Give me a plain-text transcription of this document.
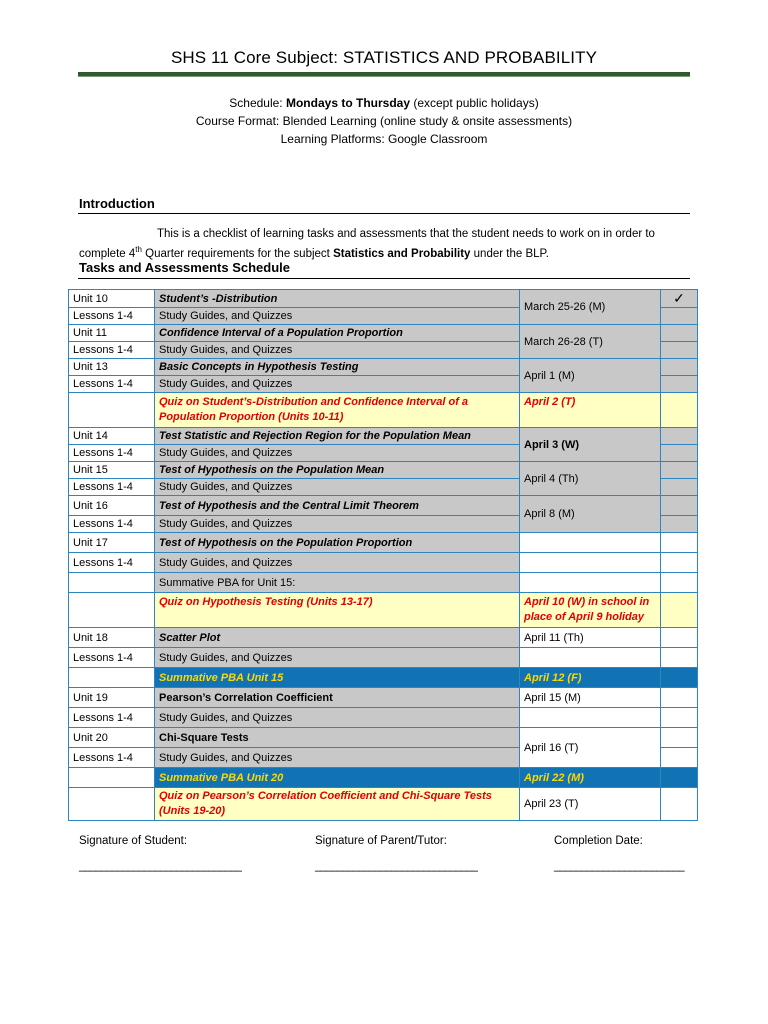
SHS 11 Core Subject: STATISTICS AND PROBABILITY
Schedule: Mondays to Thursday (except public holidays)
Course Format: Blended Learning (online study & onsite assessments)
Learning Platforms: Google Classroom
Introduction

This is a checklist of learning tasks and assessments that the student needs to work on in order to complete 4th Quarter requirements for the subject Statistics and Probability under the BLP.

Tasks and Assessments Schedule
Unit 10	Student’s -Distribution	March 25-26 (M)	✓
Lessons 1-4	Study Guides, and Quizzes		
Unit 11	Confidence Interval of a Population Proportion	March 26-28 (T)	
Lessons 1-4	Study Guides, and Quizzes		
Unit 13	Basic Concepts in Hypothesis Testing	April 1 (M)	
Lessons 1-4	Study Guides, and Quizzes		
	Quiz on Student’s-Distribution and Confidence Interval of a Population Proportion (Units 10-11)	April 2 (T)	
Unit 14	Test Statistic and Rejection Region for the Population Mean	April 3 (W)	
Lessons 1-4	Study Guides, and Quizzes		
Unit 15	Test of Hypothesis on the Population Mean	April 4 (Th)	
Lessons 1-4	Study Guides, and Quizzes		
Unit 16	Test of Hypothesis and the Central Limit Theorem	April 8 (M)	
Lessons 1-4	Study Guides, and Quizzes		
Unit 17	Test of Hypothesis on the Population Proportion		
Lessons 1-4	Study Guides, and Quizzes		
	Summative PBA for Unit 15:		
	Quiz on Hypothesis Testing (Units 13-17)	April 10 (W) in school in place of April 9 holiday	
Unit 18	Scatter Plot	April 11 (Th)	
Lessons 1-4	Study Guides, and Quizzes		
	Summative PBA Unit 15	April 12 (F)	
Unit 19	Pearson’s Correlation Coefficient	April 15 (M)	
Lessons 1-4	Study Guides, and Quizzes		
Unit 20	Chi-Square Tests	April 16 (T)	
Lessons 1-4	Study Guides, and Quizzes		
	Summative PBA Unit 20	April 22 (M)	
	Quiz on Pearson’s Correlation Coefficient and Chi-Square Tests (Units 19-20)	April 23 (T)	
Signature of Student:	Signature of Parent/Tutor:	Completion Date:
______________________________	______________________________	________________________
